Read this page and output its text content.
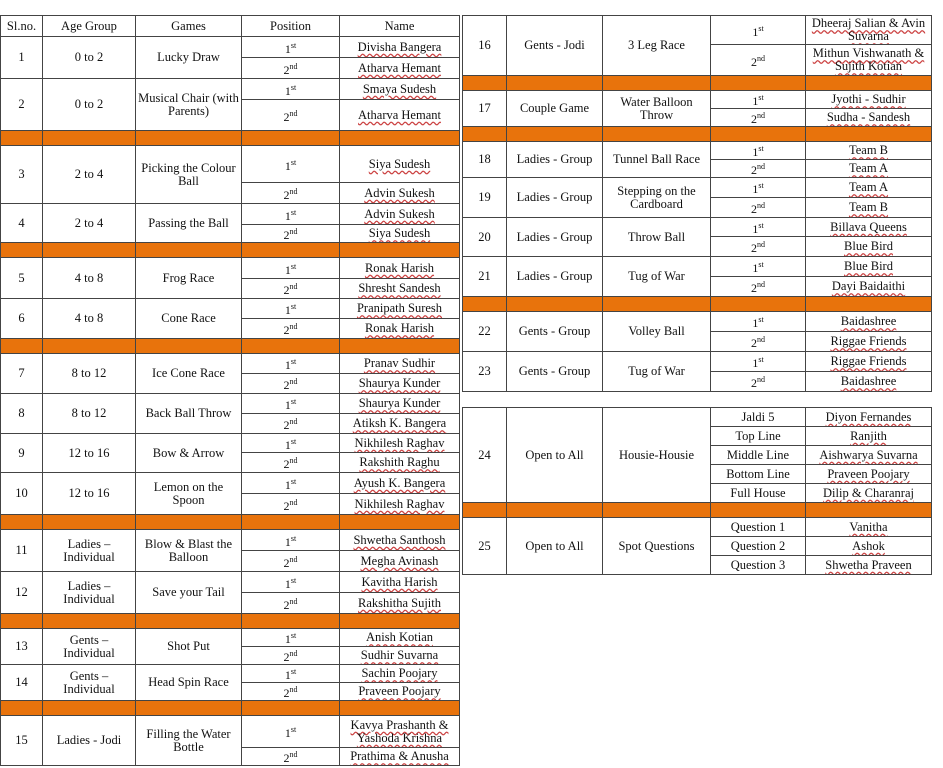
Sl.no.	Age Group	Games	Position	Name
1	0 to 2	Lucky Draw	1st	Divisha Bangera
			2nd	Atharva Hemant
2	0 to 2	Musical Chair (with Parents)	1st	Smaya Sudesh
			2nd	Atharva Hemant

3	2 to 4	Picking the Colour Ball	1st	Siya Sudesh
			2nd	Advin Sukesh
4	2 to 4	Passing the Ball	1st	Advin Sukesh
			2nd	Siya Sudesh

5	4 to 8	Frog Race	1st	Ronak Harish
			2nd	Shresht Sandesh
6	4 to 8	Cone Race	1st	Pranipath Suresh
			2nd	Ronak Harish

7	8 to 12	Ice Cone Race	1st	Pranav Sudhir
			2nd	Shaurya Kunder
8	8 to 12	Back Ball Throw	1st	Shaurya Kunder
			2nd	Atiksh K. Bangera
9	12 to 16	Bow & Arrow	1st	Nikhilesh Raghav
			2nd	Rakshith Raghu
10	12 to 16	Lemon on the Spoon	1st	Ayush K. Bangera
			2nd	Nikhilesh Raghav

11	Ladies – Individual	Blow & Blast the Balloon	1st	Shwetha Santhosh
			2nd	Megha Avinash
12	Ladies – Individual	Save your Tail	1st	Kavitha Harish
			2nd	Rakshitha Sujith

13	Gents – Individual	Shot Put	1st	Anish Kotian
			2nd	Sudhir Suvarna
14	Gents – Individual	Head Spin Race	1st	Sachin Poojary
			2nd	Praveen Poojary

15	Ladies - Jodi	Filling the Water Bottle	1st	Kavya Prashanth & Yashoda Krishna
			2nd	Prathima & Anusha
16	Gents - Jodi	3 Leg Race	1st	Dheeraj Salian & Avin Suvarna
			2nd	Mithun Vishwanath & Sujith Kotian

17	Couple Game	Water Balloon Throw	1st	Jyothi - Sudhir
			2nd	Sudha - Sandesh

18	Ladies - Group	Tunnel Ball Race	1st	Team B
			2nd	Team A
19	Ladies - Group	Stepping on the Cardboard	1st	Team A
			2nd	Team B
20	Ladies - Group	Throw Ball	1st	Billava Queens
			2nd	Blue Bird
21	Ladies - Group	Tug of War	1st	Blue Bird
			2nd	Dayi Baidaithi

22	Gents - Group	Volley Ball	1st	Baidashree
			2nd	Riggae Friends
23	Gents - Group	Tug of War	1st	Riggae Friends
			2nd	Baidashree
24	Open to All	Housie-Housie	Jaldi 5	Diyon Fernandes
			Top Line	Ranjith
			Middle Line	Aishwarya Suvarna
			Bottom Line	Praveen Poojary
			Full House	Dilip & Charanraj

25	Open to All	Spot Questions	Question 1	Vanitha
			Question 2	Ashok
			Question 3	Shwetha Praveen
